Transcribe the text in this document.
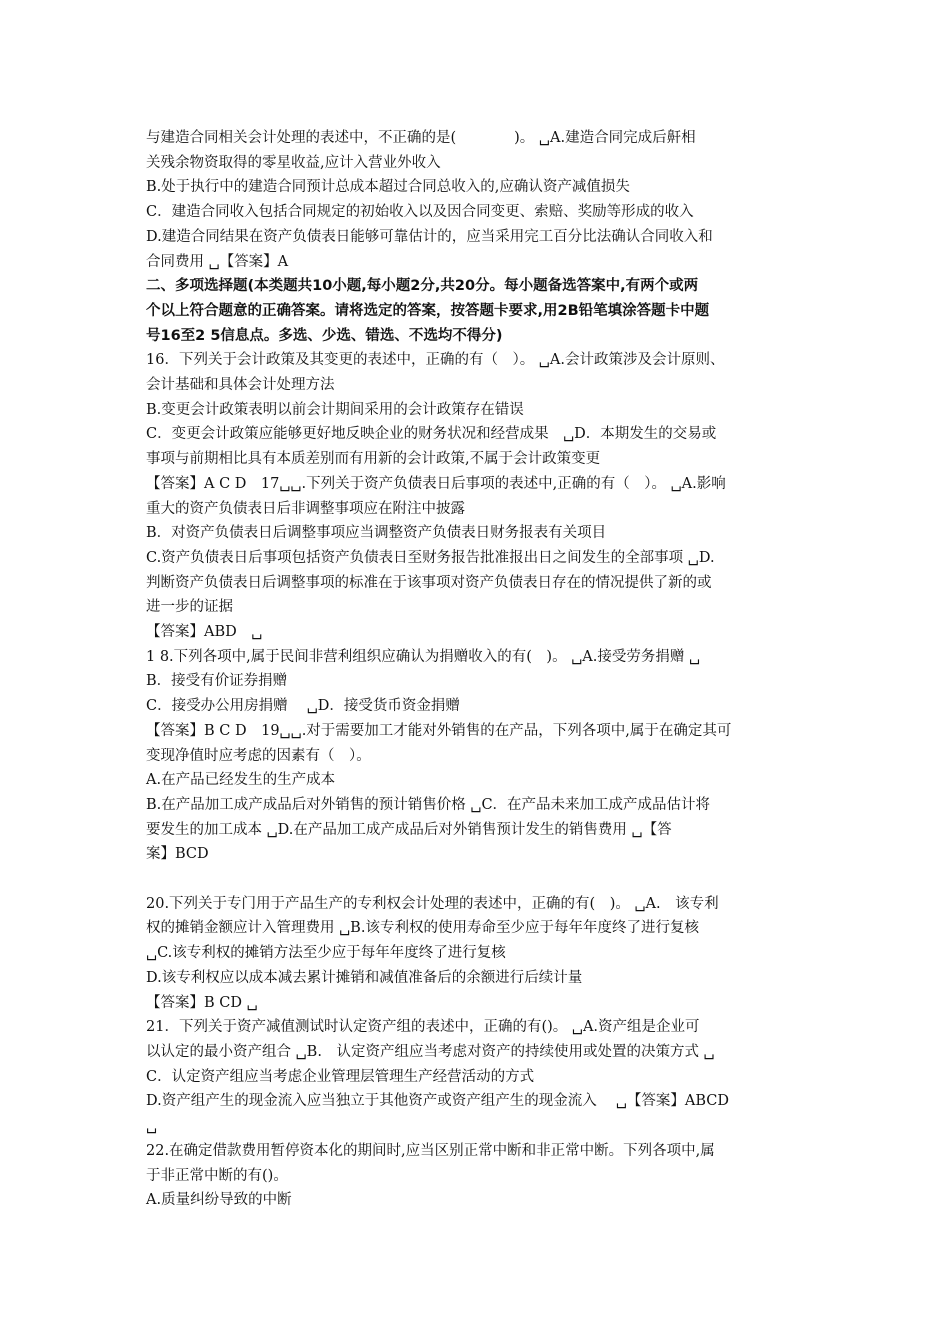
与建造合同相关会计处理的表述中，不正确的是(　　　　)。 ␣A.建造合同完成后鼾相
关残余物资取得的零星收益,应计入营业外收入
B.处于执行中的建造合同预计总成本超过合同总收入的,应确认资产减值损失
C．建造合同收入包括合同规定的初始收入以及因合同变更、索赔、奖励等形成的收入
D.建造合同结果在资产负债表日能够可靠估计的，应当采用完工百分比法确认合同收入和
合同费用 ␣【答案】A
二、多项选择题(本类题共10小题,每小题2分,共20分。每小题备选答案中,有两个或两
个以上符合题意的正确答案。请将选定的答案，按答题卡要求,用2B铅笔填涂答题卡中题
号16至2 5信息点。多选、少选、错选、不选均不得分)
16．下列关于会计政策及其变更的表述中，正确的有（　）。 ␣A.会计政策涉及会计原则、
会计基础和具体会计处理方法
B.变更会计政策表明以前会计期间采用的会计政策存在错误
C．变更会计政策应能够更好地反映企业的财务状况和经营成果　␣D．本期发生的交易或
事项与前期相比具有本质差别而有用新的会计政策,不属于会计政策变更
【答案】A C D　17␣␣.下列关于资产负债表日后事项的表述中,正确的有（　）。 ␣A.影响
重大的资产负债表日后非调整事项应在附注中披露
B．对资产负债表日后调整事项应当调整资产负债表日财务报表有关项目
C.资产负债表日后事项包括资产负债表日至财务报告批准报出日之间发生的全部事项 ␣D.
判断资产负债表日后调整事项的标准在于该事项对资产负债表日存在的情况提供了新的或
进一步的证据
【答案】ABD　␣
1 8.下列各项中,属于民间非营利组织应确认为捐赠收入的有(　)。 ␣A.接受劳务捐赠 ␣
B．接受有价证券捐赠
C．接受办公用房捐赠　 ␣D．接受货币资金捐赠
【答案】B C D　19␣␣.对于需要加工才能对外销售的在产品，下列各项中,属于在确定其可
变现净值时应考虑的因素有（　）。
A.在产品已经发生的生产成本
B.在产品加工成产成品后对外销售的预计销售价格 ␣C．在产品未来加工成产成品估计将
要发生的加工成本 ␣D.在产品加工成产成品后对外销售预计发生的销售费用 ␣【答
案】BCD
20.下列关于专门用于产品生产的专利权会计处理的表述中，正确的有(　)。 ␣A.　该专利
权的摊销金额应计入管理费用 ␣B.该专利权的使用寿命至少应于每年年度终了进行复核
␣C.该专利权的摊销方法至少应于每年年度终了进行复核
D.该专利权应以成本减去累计摊销和减值准备后的余额进行后续计量
【答案】B CD ␣
21．下列关于资产减值测试时认定资产组的表述中，正确的有()。 ␣A.资产组是企业可
以认定的最小资产组合 ␣B.　认定资产组应当考虑对资产的持续使用或处置的决策方式 ␣
C．认定资产组应当考虑企业管理层管理生产经营活动的方式
D.资产组产生的现金流入应当独立于其他资产或资产组产生的现金流入　 ␣【答案】ABCD
␣
22.在确定借款费用暂停资本化的期间时,应当区别正常中断和非正常中断。下列各项中,属
于非正常中断的有()。
A.质量纠纷导致的中断
